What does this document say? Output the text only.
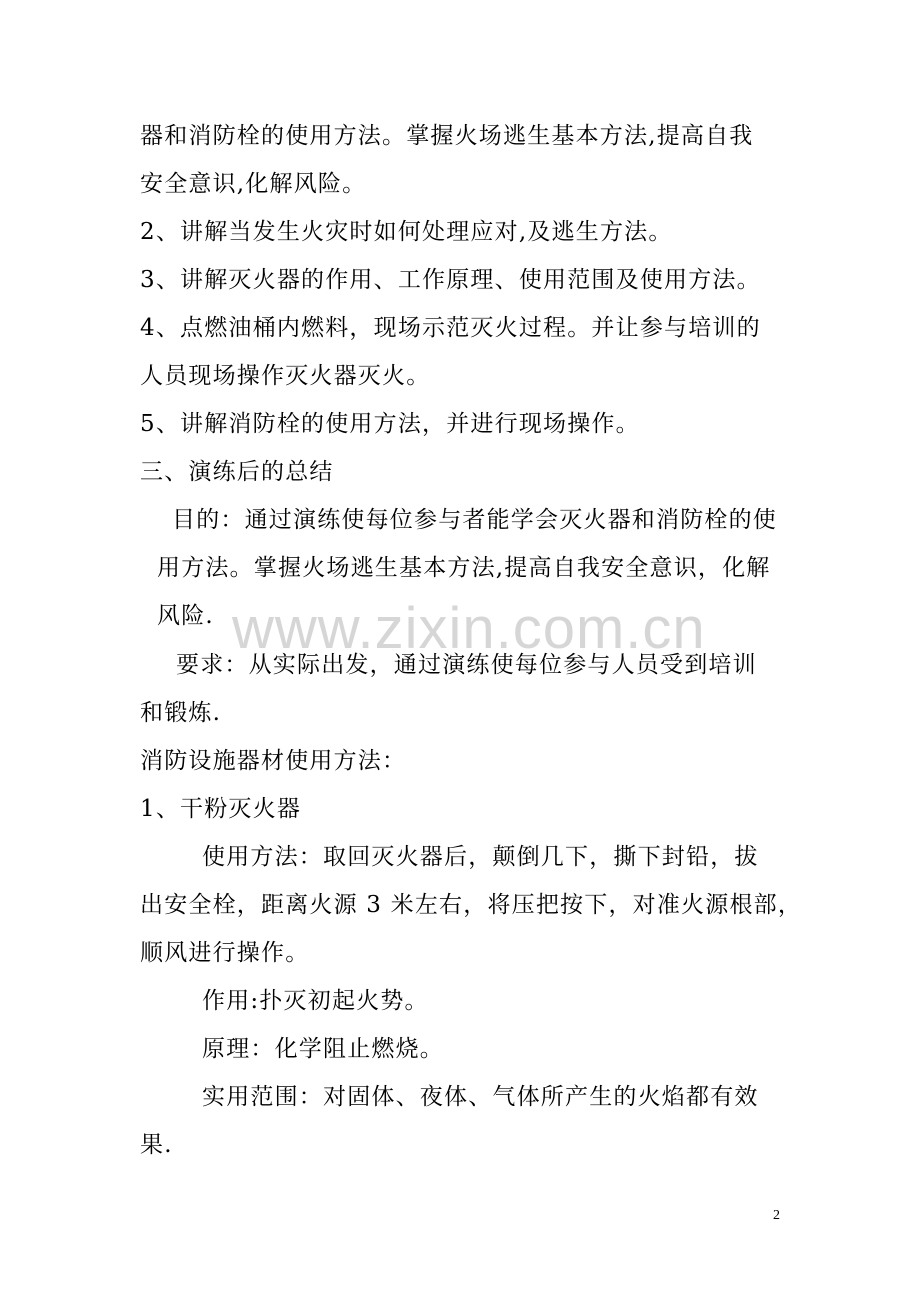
器和消防栓的使用方法。掌握火场逃生基本方法,提高自我
安全意识,化解风险。
2、讲解当发生火灾时如何处理应对,及逃生方法。
3、讲解灭火器的作用、工作原理、使用范围及使用方法。
4、点燃油桶内燃料，现场示范灭火过程。并让参与培训的
人员现场操作灭火器灭火。
5、讲解消防栓的使用方法，并进行现场操作。
三、演练后的总结
目的：通过演练使每位参与者能学会灭火器和消防栓的使
用方法。掌握火场逃生基本方法,提高自我安全意识，化解
风险.
要求：从实际出发，通过演练使每位参与人员受到培训
和锻炼.
消防设施器材使用方法：
1、干粉灭火器
使用方法：取回灭火器后，颠倒几下，撕下封铅，拔
出安全栓，距离火源 3 米左右，将压把按下，对准火源根部，
顺风进行操作。
作用:扑灭初起火势。
原理：化学阻止燃烧。
实用范围：对固体、夜体、气体所产生的火焰都有效
果.
www.zixin.com.cn
2
